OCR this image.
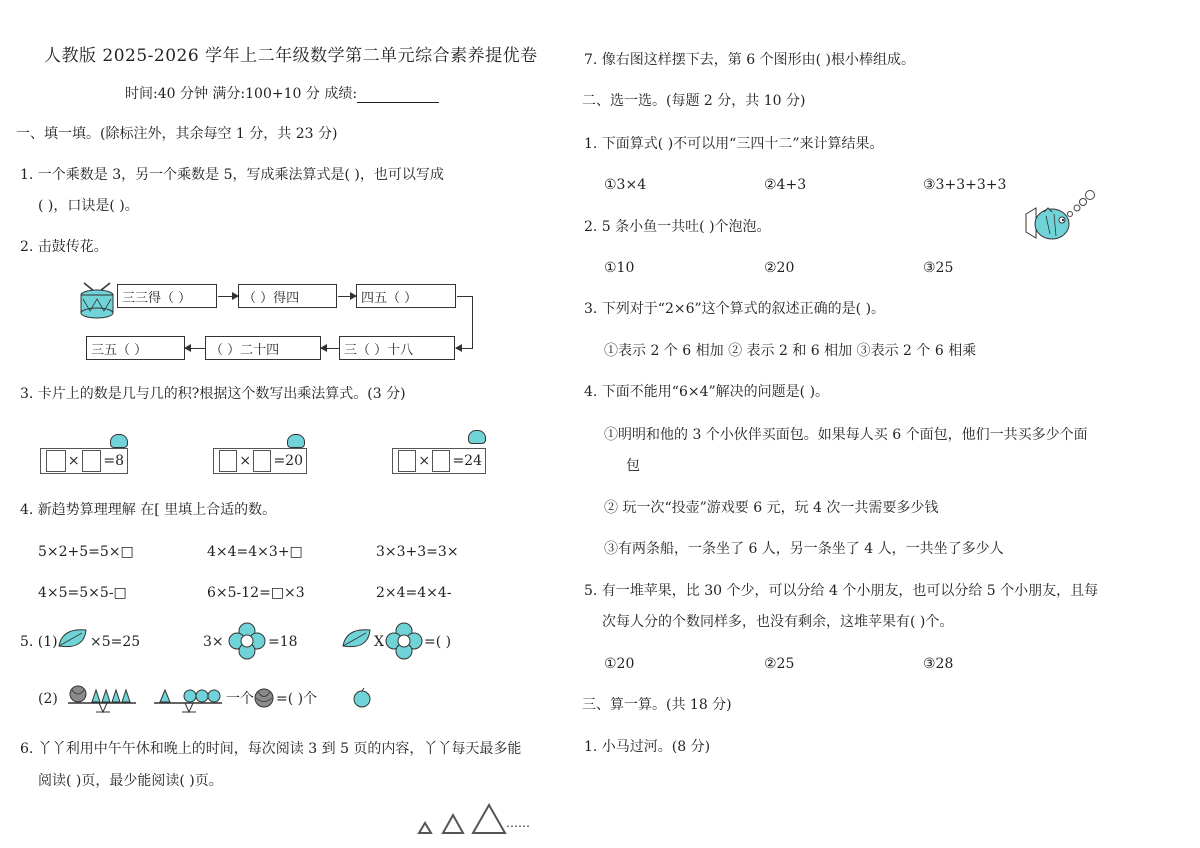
人教版 2025-2026 学年上二年级数学第二单元综合素养提优卷
时间:40 分钟 满分:100+10 分 成绩:
一、填一填。(除标注外，其余每空 1 分，共 23 分)
1. 一个乘数是 3，另一个乘数是 5，写成乘法算式是( )，也可以写成
( )，口诀是( )。
2. 击鼓传花。
三三得（ ）	（ ）得四	四五（ ）
三（ ）十八
（ ）二十四
三五（ ）
3. 卡片上的数是几与几的积?根据这个数写出乘法算式。(3 分)
× =8	× =20	× =24
4. 新趋势算理理解 在[ 里填上合适的数。
5×2+5=5×□	4×4=4×3+□	3×3+3=3×
4×5=5×5-□	6×5-12=□×3	2×4=4×4-
5. (1) ×5=25	3×	=18	X	=( )
(2)	一个 =( )个
6. 丫丫利用中午午休和晚上的时间，每次阅读 3 到 5 页的内容，丫丫每天最多能
阅读( )页，最少能阅读( )页。
……
7. 像右图这样摆下去，第 6 个图形由( )根小棒组成。
二、选一选。(每题 2 分，共 10 分)
1. 下面算式( )不可以用“三四十二”来计算结果。
①3×4	②4+3	③3+3+3+3
2. 5 条小鱼一共吐( )个泡泡。
①10	②20	③25
3. 下列对于“2×6”这个算式的叙述正确的是( )。
①表示 2 个 6 相加 ② 表示 2 和 6 相加 ③表示 2 个 6 相乘
4. 下面不能用“6×4”解决的问题是( )。
①明明和他的 3 个小伙伴买面包。如果每人买 6 个面包，他们一共买多少个面
包
② 玩一次“投壶”游戏要 6 元，玩 4 次一共需要多少钱
③有两条船，一条坐了 6 人，另一条坐了 4 人，一共坐了多少人
5. 有一堆苹果，比 30 个少，可以分给 4 个小朋友，也可以分给 5 个小朋友，且每
次每人分的个数同样多，也没有剩余，这堆苹果有( )个。
①20	②25	③28
三、算一算。(共 18 分)
1. 小马过河。(8 分)
